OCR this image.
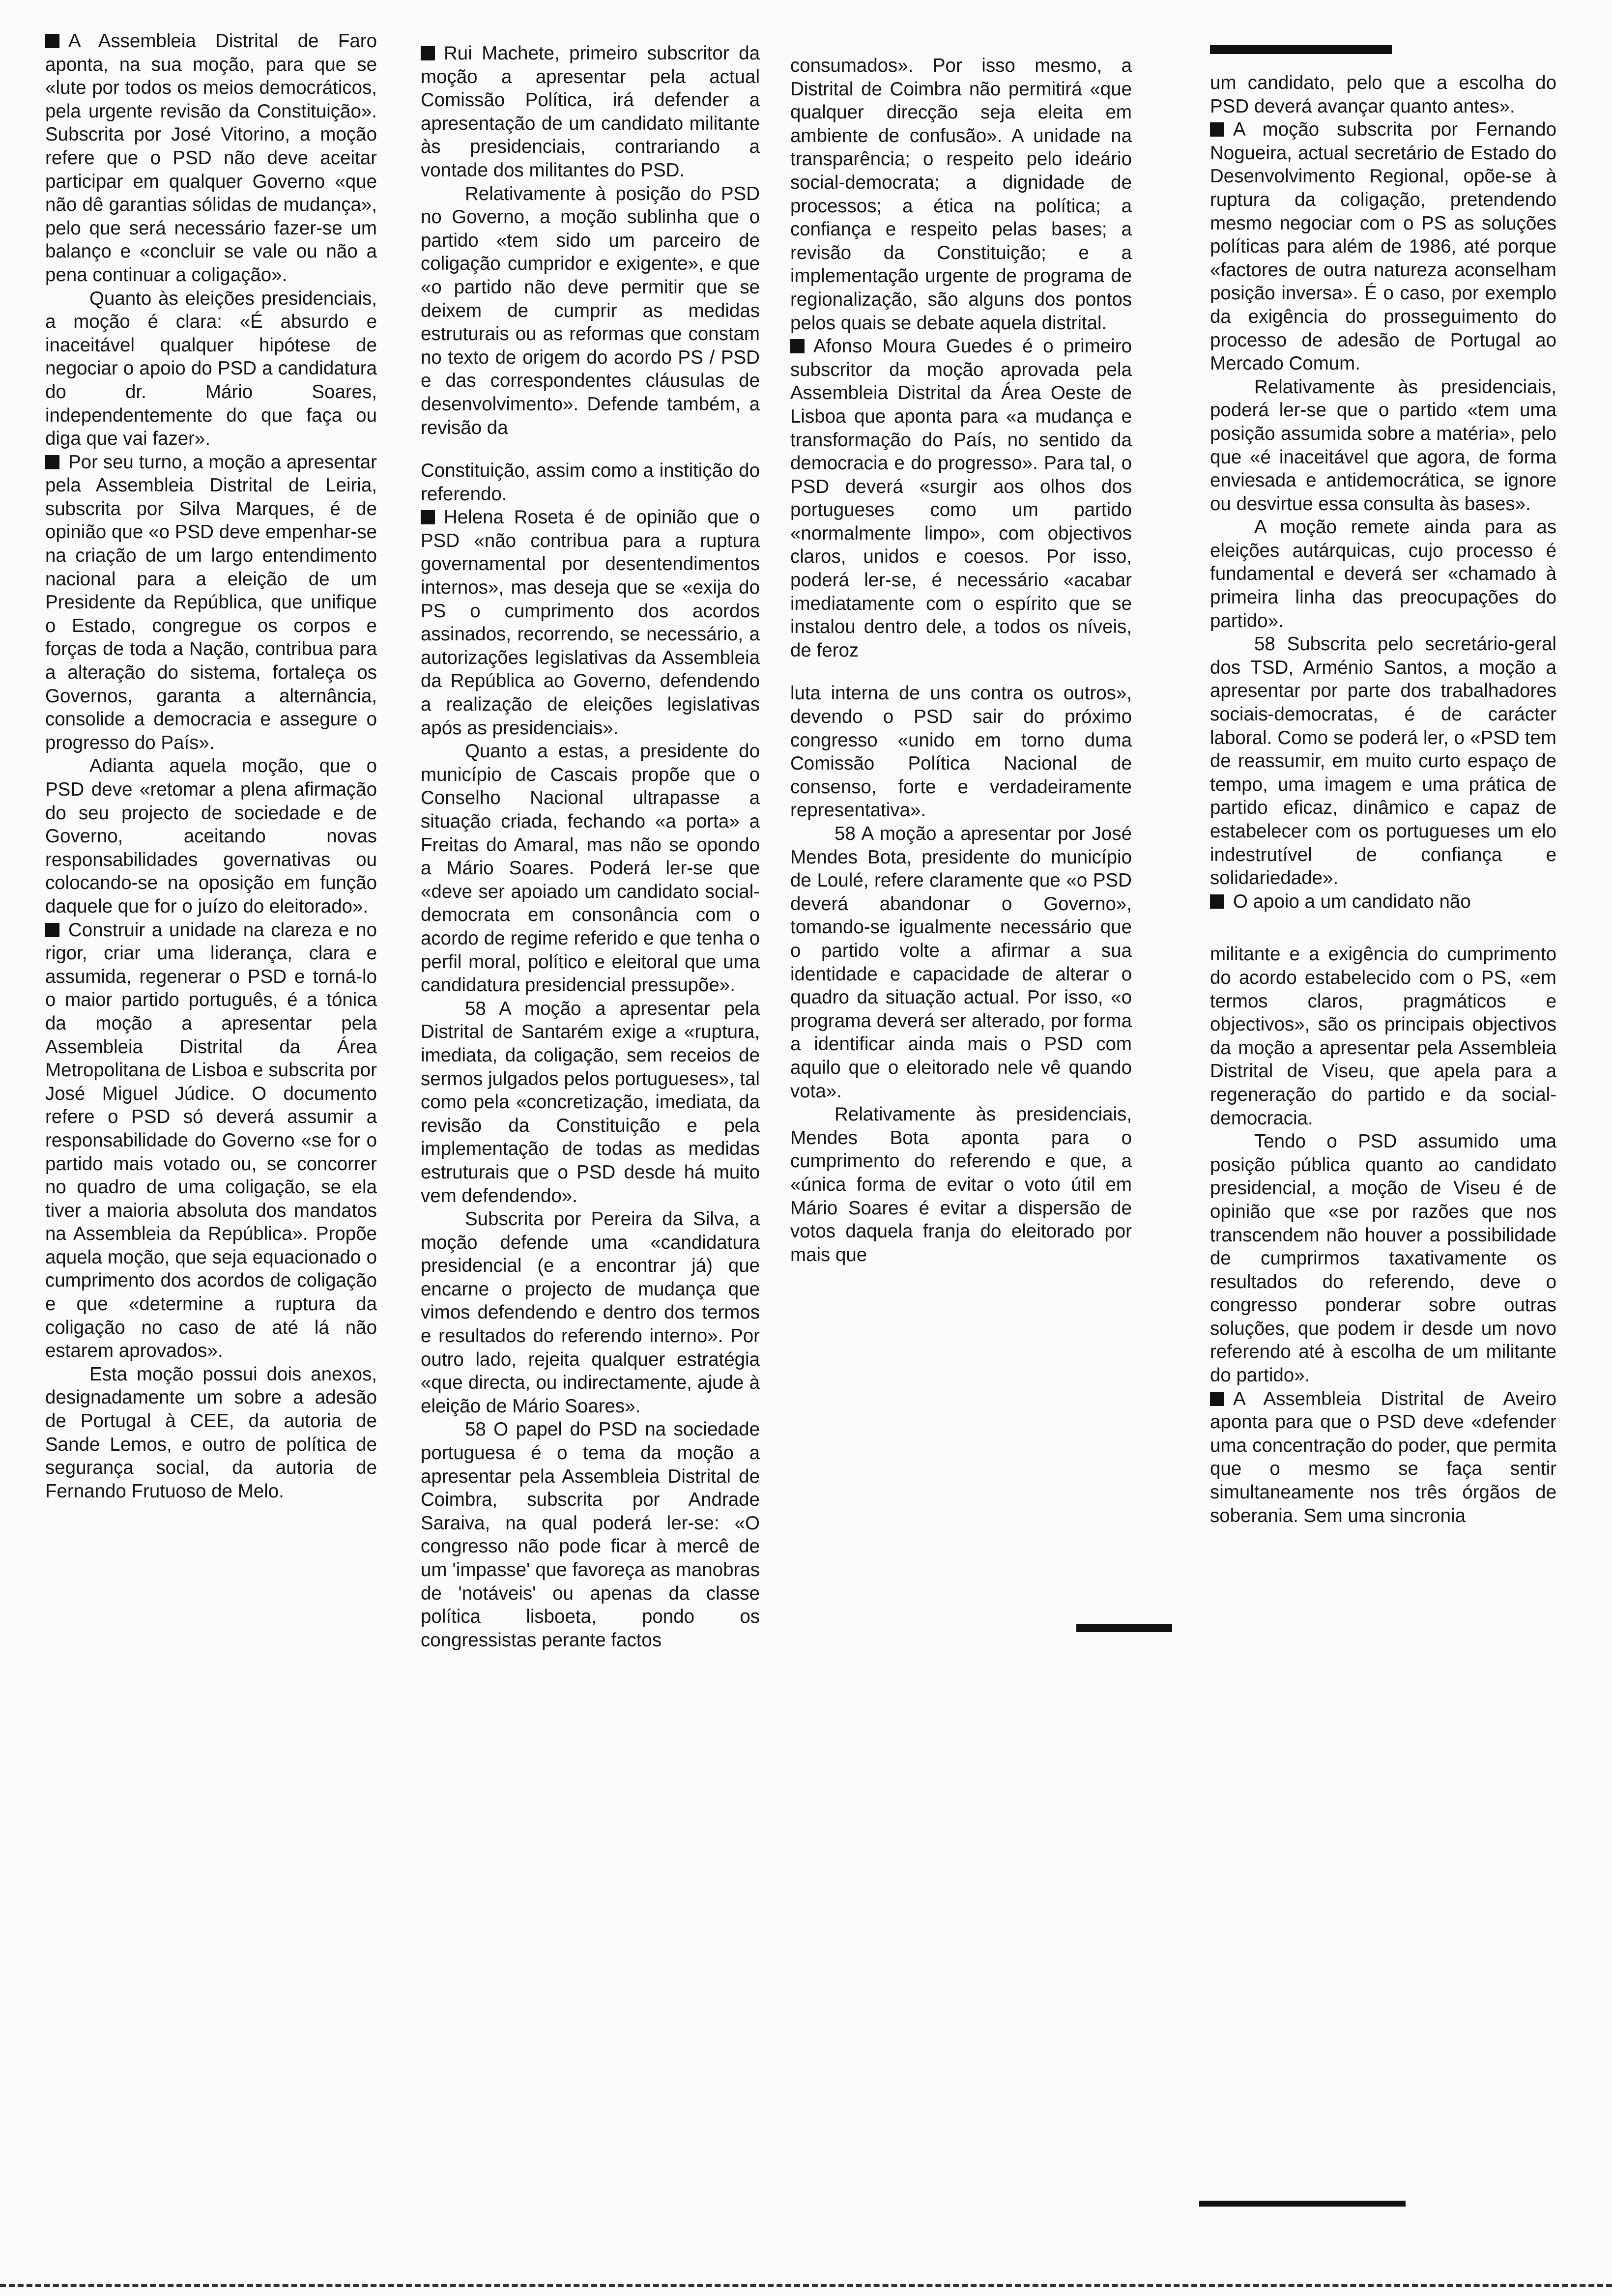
A Assembleia Distrital de Faro aponta, na sua moção, para que se «lute por todos os meios democráticos, pela urgente revisão da Constituição». Subscrita por José Vitorino, a moção refere que o PSD não deve aceitar participar em qualquer Governo «que não dê garantias sólidas de mudança», pelo que será necessário fazer-se um balanço e «concluir se vale ou não a pena continuar a coligação».

Quanto às eleições presidenciais, a moção é clara: «É absurdo e inaceitável qualquer hipótese de negociar o apoio do PSD a candidatura do dr. Mário Soares, independentemente do que faça ou diga que vai fazer».

Por seu turno, a moção a apresentar pela Assembleia Distrital de Leiria, subscrita por Silva Marques, é de opinião que «o PSD deve empenhar-se na criação de um largo entendimento nacional para a eleição de um Presidente da República, que unifique o Estado, congregue os corpos e forças de toda a Nação, contribua para a alteração do sistema, fortaleça os Governos, garanta a alternância, consolide a democracia e assegure o progresso do País».

Adianta aquela moção, que o PSD deve «retomar a plena afirmação do seu projecto de sociedade e de Governo, aceitando novas responsabilidades governativas ou colocando-se na oposição em função daquele que for o juízo do eleitorado».

Construir a unidade na clareza e no rigor, criar uma liderança, clara e assumida, regenerar o PSD e torná-lo o maior partido português, é a tónica da moção a apresentar pela Assembleia Distrital da Área Metropolitana de Lisboa e subscrita por José Miguel Júdice. O documento refere o PSD só deverá assumir a responsabilidade do Governo «se for o partido mais votado ou, se concorrer no quadro de uma coligação, se ela tiver a maioria absoluta dos mandatos na Assembleia da República». Propõe aquela moção, que seja equacionado o cumprimento dos acordos de coligação e que «determine a ruptura da coligação no caso de até lá não estarem aprovados».

Esta moção possui dois anexos, designadamente um sobre a adesão de Portugal à CEE, da autoria de Sande Lemos, e outro de política de segurança social, da autoria de Fernando Frutuoso de Melo.

Rui Machete, primeiro subscritor da moção a apresentar pela actual Comissão Política, irá defender a apresentação de um candidato militante às presidenciais, contrariando a vontade dos militantes do PSD.

Relativamente à posição do PSD no Governo, a moção sublinha que o partido «tem sido um parceiro de coligação cumpridor e exigente», e que «o partido não deve permitir que se deixem de cumprir as medidas estruturais ou as reformas que constam no texto de origem do acordo PS / PSD e das correspondentes cláusulas de desenvolvimento». Defende também, a revisão da

Constituição, assim como a institição do referendo.

Helena Roseta é de opinião que o PSD «não contribua para a ruptura governamental por desentendimentos internos», mas deseja que se «exija do PS o cumprimento dos acordos assinados, recorrendo, se necessário, a autorizações legislativas da Assembleia da República ao Governo, defendendo a realização de eleições legislativas após as presidenciais».

Quanto a estas, a presidente do município de Cascais propõe que o Conselho Nacional ultrapasse a situação criada, fechando «a porta» a Freitas do Amaral, mas não se opondo a Mário Soares. Poderá ler-se que «deve ser apoiado um candidato social-democrata em consonância com o acordo de regime referido e que tenha o perfil moral, político e eleitoral que uma candidatura presidencial pressupõe».

58 A moção a apresentar pela Distrital de Santarém exige a «ruptura, imediata, da coligação, sem receios de sermos julgados pelos portugueses», tal como pela «concretização, imediata, da revisão da Constituição e pela implementação de todas as medidas estruturais que o PSD desde há muito vem defendendo».

Subscrita por Pereira da Silva, a moção defende uma «candidatura presidencial (e a encontrar já) que encarne o projecto de mudança que vimos defendendo e dentro dos termos e resultados do referendo interno». Por outro lado, rejeita qualquer estratégia «que directa, ou indirectamente, ajude à eleição de Mário Soares».

58 O papel do PSD na sociedade portuguesa é o tema da moção a apresentar pela Assembleia Distrital de Coimbra, subscrita por Andrade Saraiva, na qual poderá ler-se: «O congresso não pode ficar à mercê de um 'impasse' que favoreça as manobras de 'notáveis' ou apenas da classe política lisboeta, pondo os congressistas perante factos

consumados». Por isso mesmo, a Distrital de Coimbra não permitirá «que qualquer direcção seja eleita em ambiente de confusão». A unidade na transparência; o respeito pelo ideário social-democrata; a dignidade de processos; a ética na política; a confiança e respeito pelas bases; a revisão da Constituição; e a implementação urgente de programa de regionalização, são alguns dos pontos pelos quais se debate aquela distrital.

Afonso Moura Guedes é o primeiro subscritor da moção aprovada pela Assembleia Distrital da Área Oeste de Lisboa que aponta para «a mudança e transformação do País, no sentido da democracia e do progresso». Para tal, o PSD deverá «surgir aos olhos dos portugueses como um partido «normalmente limpo», com objectivos claros, unidos e coesos. Por isso, poderá ler-se, é necessário «acabar imediatamente com o espírito que se instalou dentro dele, a todos os níveis, de feroz

luta interna de uns contra os outros», devendo o PSD sair do próximo congresso «unido em torno duma Comissão Política Nacional de consenso, forte e verdadeiramente representativa».

58 A moção a apresentar por José Mendes Bota, presidente do município de Loulé, refere claramente que «o PSD deverá abandonar o Governo», tomando-se igualmente necessário que o partido volte a afirmar a sua identidade e capacidade de alterar o quadro da situação actual. Por isso, «o programa deverá ser alterado, por forma a identificar ainda mais o PSD com aquilo que o eleitorado nele vê quando vota».

Relativamente às presidenciais, Mendes Bota aponta para o cumprimento do referendo e que, a «única forma de evitar o voto útil em Mário Soares é evitar a dispersão de votos daquela franja do eleitorado por mais que

um candidato, pelo que a escolha do PSD deverá avançar quanto antes».

A moção subscrita por Fernando Nogueira, actual secretário de Estado do Desenvolvimento Regional, opõe-se à ruptura da coligação, pretendendo mesmo negociar com o PS as soluções políticas para além de 1986, até porque «factores de outra natureza aconselham posição inversa». É o caso, por exemplo da exigência do prosseguimento do processo de adesão de Portugal ao Mercado Comum.

Relativamente às presidenciais, poderá ler-se que o partido «tem uma posição assumida sobre a matéria», pelo que «é inaceitável que agora, de forma enviesada e antidemocrática, se ignore ou desvirtue essa consulta às bases».

A moção remete ainda para as eleições autárquicas, cujo processo é fundamental e deverá ser «chamado à primeira linha das preocupações do partido».

58 Subscrita pelo secretário-geral dos TSD, Arménio Santos, a moção a apresentar por parte dos trabalhadores sociais-democratas, é de carácter laboral. Como se poderá ler, o «PSD tem de reassumir, em muito curto espaço de tempo, uma imagem e uma prática de partido eficaz, dinâmico e capaz de estabelecer com os portugueses um elo indestrutível de confiança e solidariedade».

O apoio a um candidato não

militante e a exigência do cumprimento do acordo estabelecido com o PS, «em termos claros, pragmáticos e objectivos», são os principais objectivos da moção a apresentar pela Assembleia Distrital de Viseu, que apela para a regeneração do partido e da social-democracia.

Tendo o PSD assumido uma posição pública quanto ao candidato presidencial, a moção de Viseu é de opinião que «se por razões que nos transcendem não houver a possibilidade de cumprirmos taxativamente os resultados do referendo, deve o congresso ponderar sobre outras soluções, que podem ir desde um novo referendo até à escolha de um militante do partido».

A Assembleia Distrital de Aveiro aponta para que o PSD deve «defender uma concentração do poder, que permita que o mesmo se faça sentir simultaneamente nos três órgãos de soberania. Sem uma sincronia
